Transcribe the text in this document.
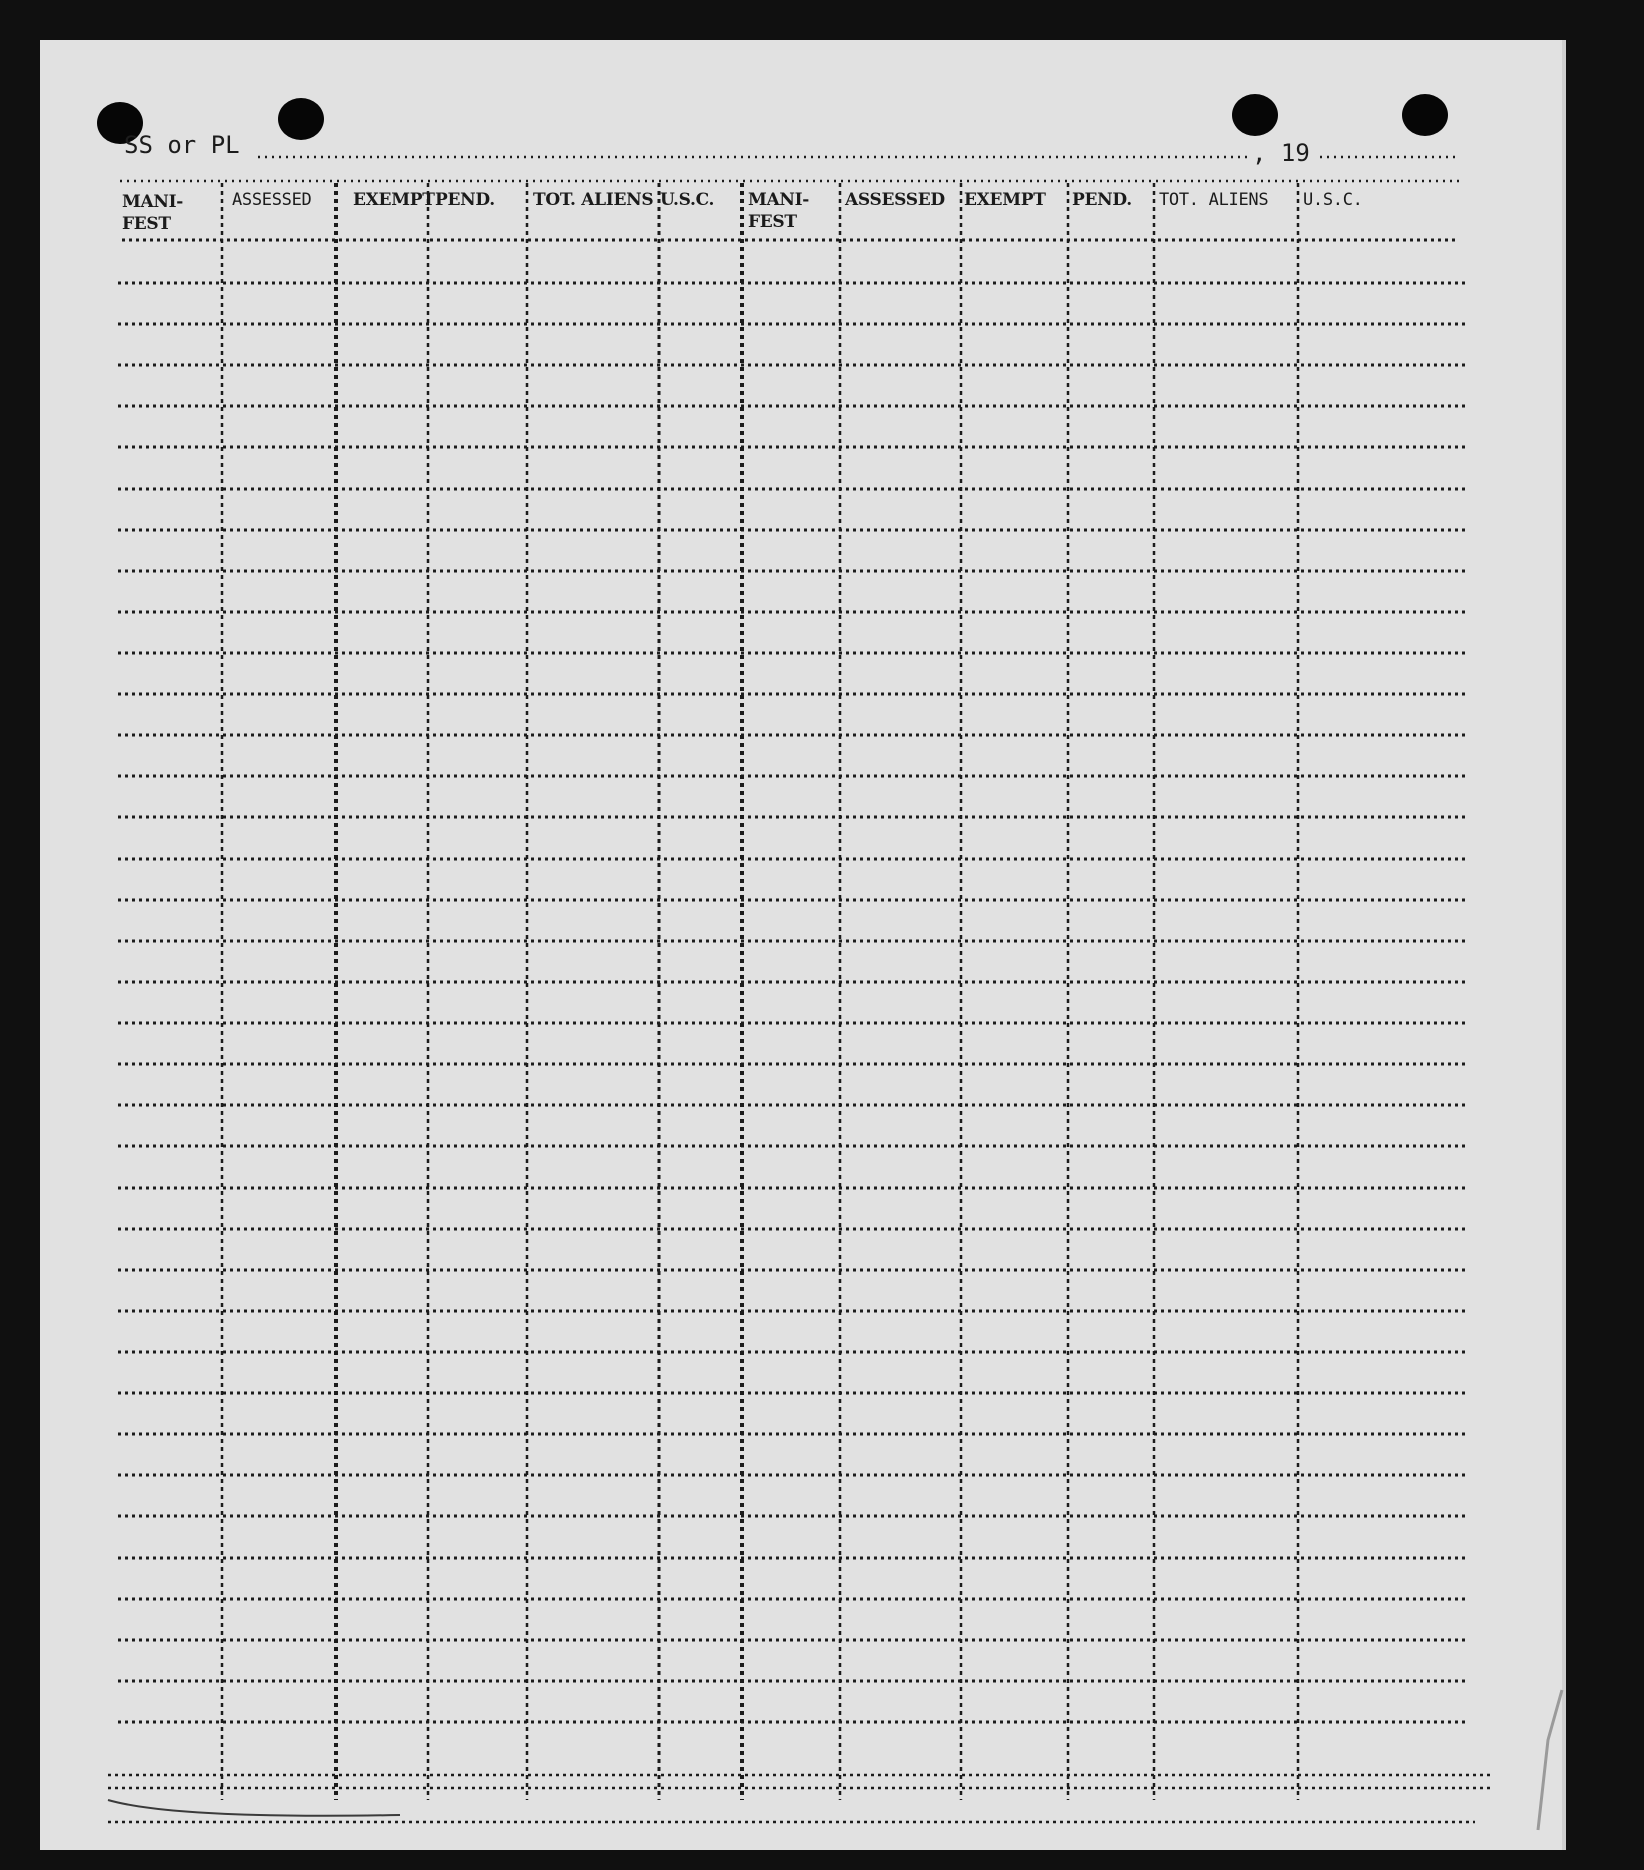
SS or PL	, 19
MANI-
FEST
ASSESSED EXEMPT PEND. TOT. ALIENS U.S.C. MANI-
FEST
ASSESSED EXEMPT PEND. TOT. ALIENS U.S.C.
